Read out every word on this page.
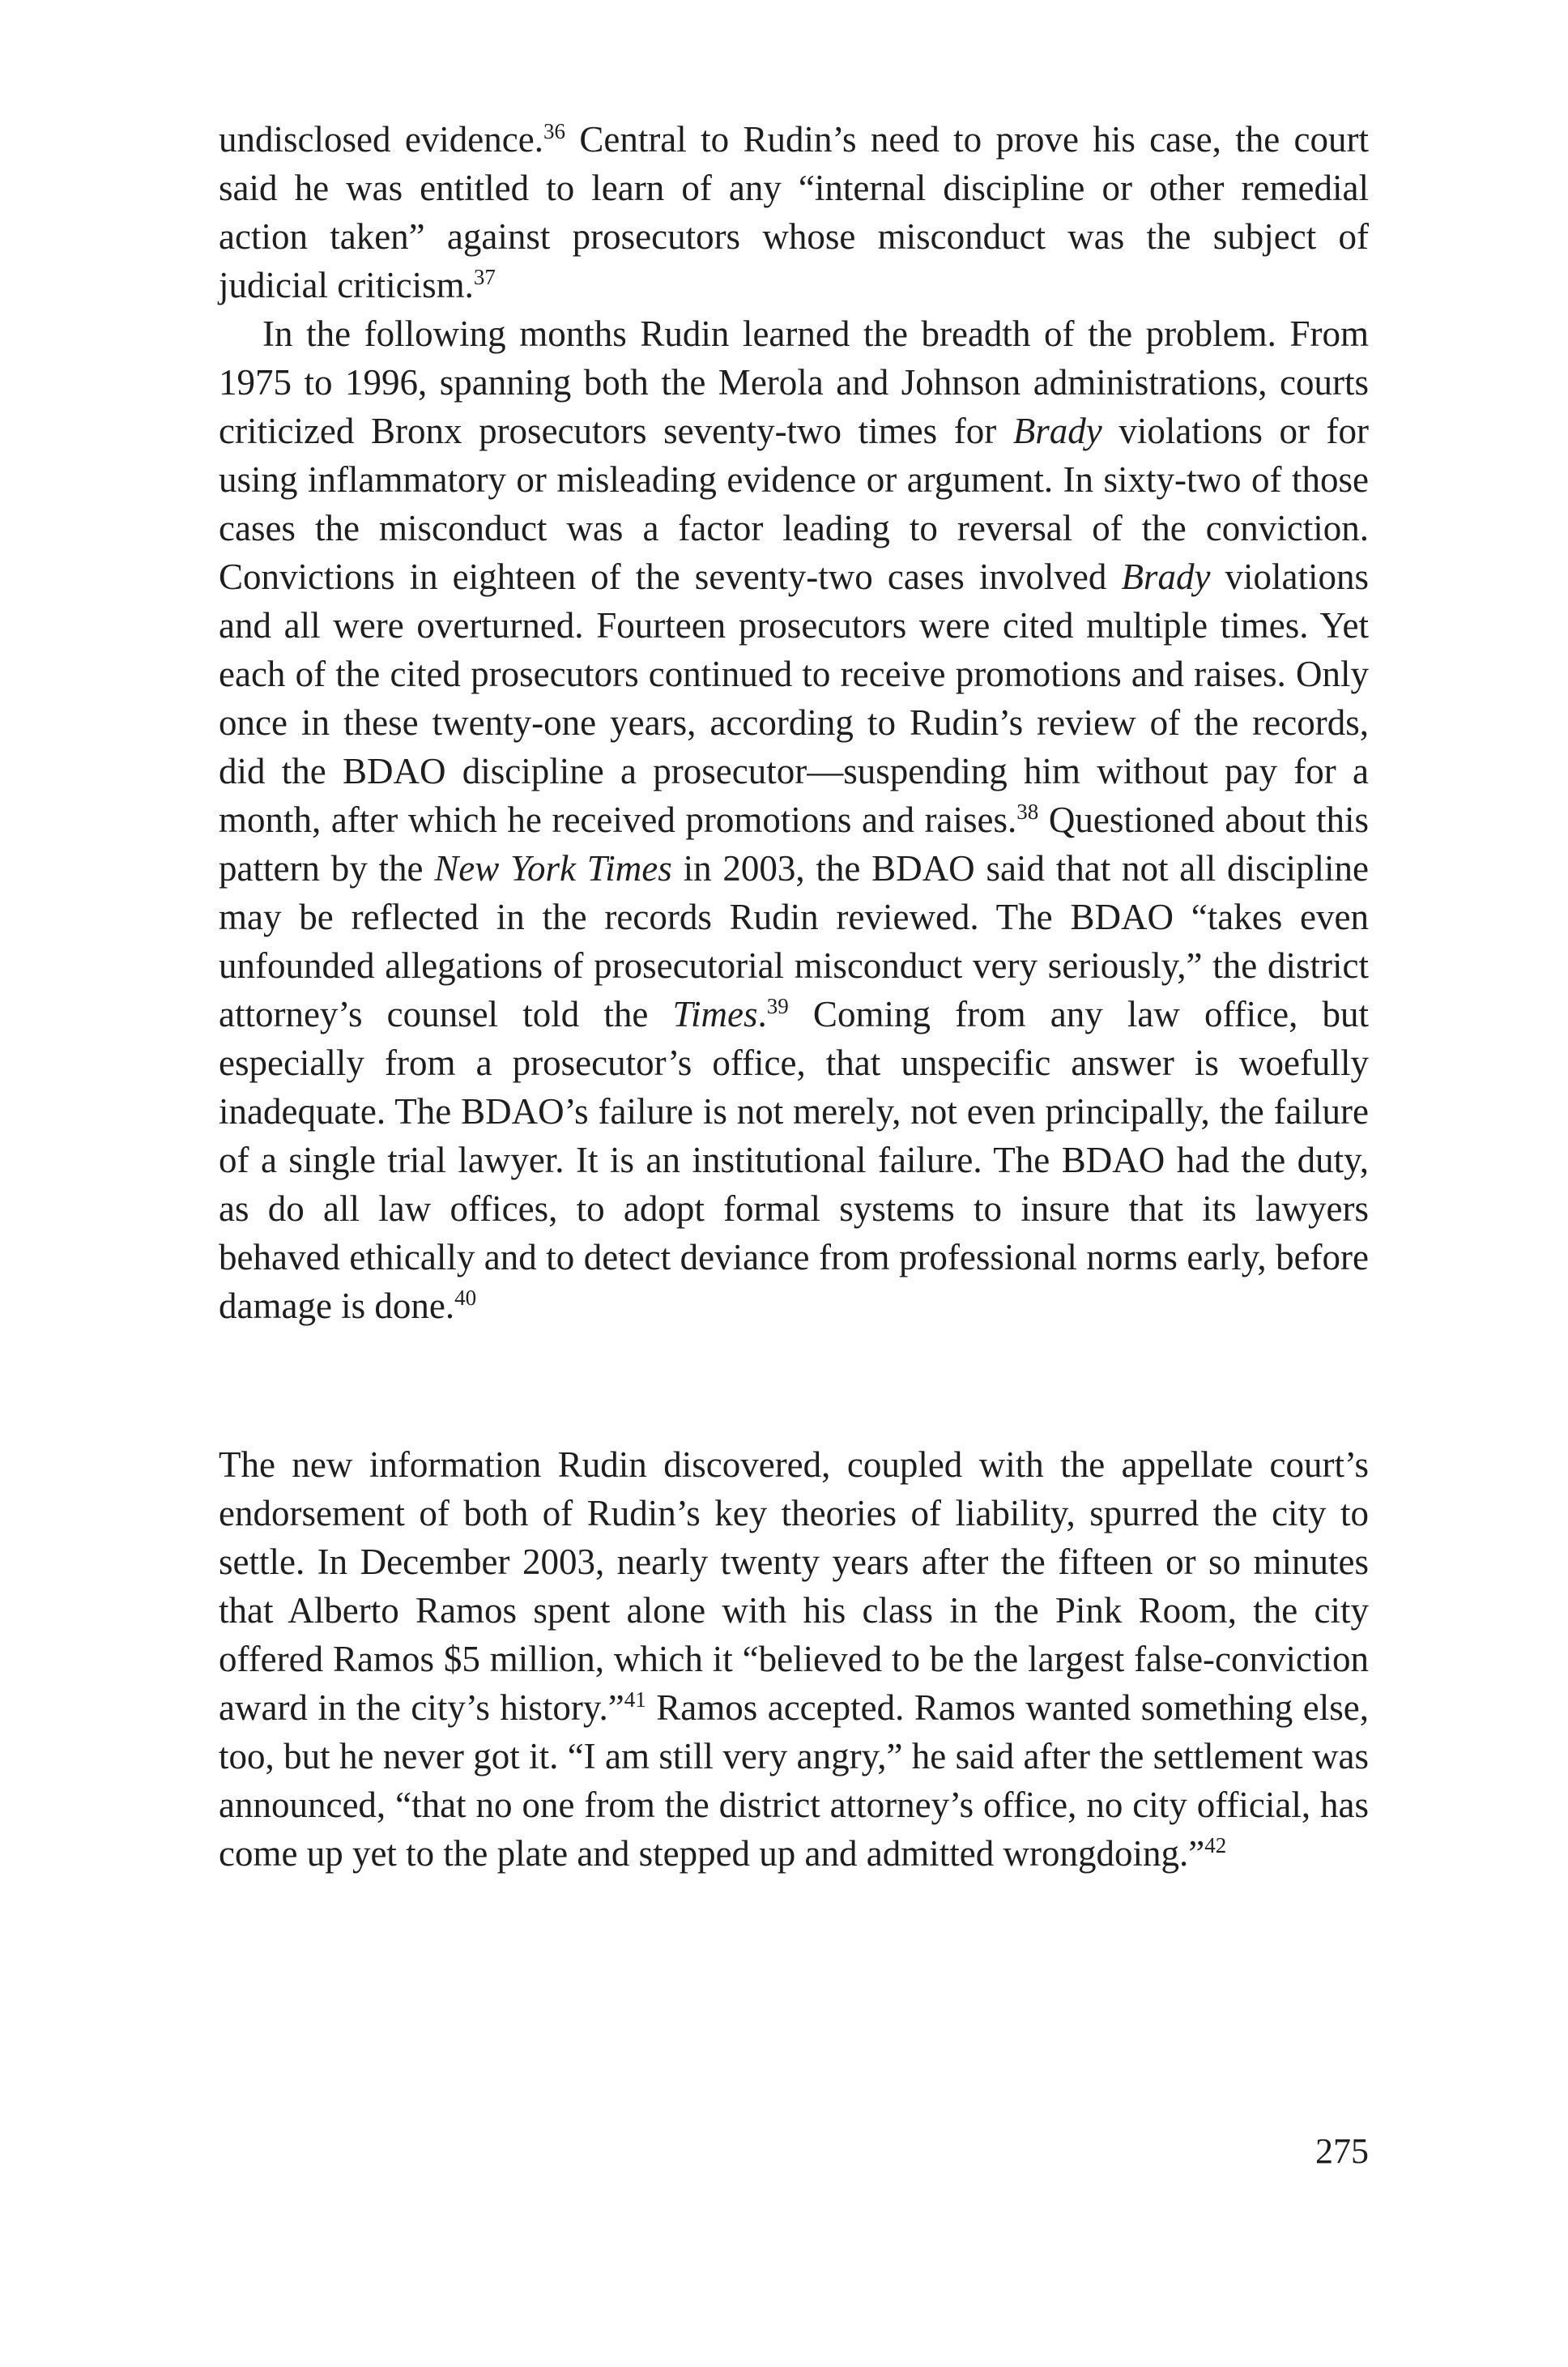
undisclosed evidence.$^{36}$ Central to Rudin’s need to prove his case, the court said he was entitled to learn of any “internal discipline or other remedial action taken” against prosecutors whose misconduct was the subject of judicial criticism.$^{37}$

In the following months Rudin learned the breadth of the problem. From 1975 to 1996, spanning both the Merola and Johnson administrations, courts criticized Bronx prosecutors seventy-two times for Brady violations or for using inflammatory or misleading evidence or argument. In sixty-two of those cases the misconduct was a factor leading to reversal of the conviction. Convictions in eighteen of the seventy-two cases involved Brady violations and all were overturned. Fourteen prosecutors were cited multiple times. Yet each of the cited prosecutors continued to receive promotions and raises. Only once in these twenty-one years, according to Rudin’s review of the records, did the BDAO discipline a prosecutor—suspending him without pay for a month, after which he received promotions and raises.$^{38}$ Questioned about this pattern by the New York Times in 2003, the BDAO said that not all discipline may be reflected in the records Rudin reviewed. The BDAO “takes even unfounded allegations of prosecutorial misconduct very seriously,” the district attorney’s counsel told the Times.$^{39}$ Coming from any law office, but especially from a prosecutor’s office, that unspecific answer is woefully inadequate. The BDAO’s failure is not merely, not even principally, the failure of a single trial lawyer. It is an institutional failure. The BDAO had the duty, as do all law offices, to adopt formal systems to insure that its lawyers behaved ethically and to detect deviance from professional norms early, before damage is done.$^{40}$

The new information Rudin discovered, coupled with the appellate court’s endorsement of both of Rudin’s key theories of liability, spurred the city to settle. In December 2003, nearly twenty years after the fifteen or so minutes that Alberto Ramos spent alone with his class in the Pink Room, the city offered Ramos $5 million, which it “believed to be the largest false-conviction award in the city’s history.”$^{41}$ Ramos accepted. Ramos wanted something else, too, but he never got it. “I am still very angry,” he said after the settlement was announced, “that no one from the district attorney’s office, no city official, has come up yet to the plate and stepped up and admitted wrongdoing.”$^{42}$

275
